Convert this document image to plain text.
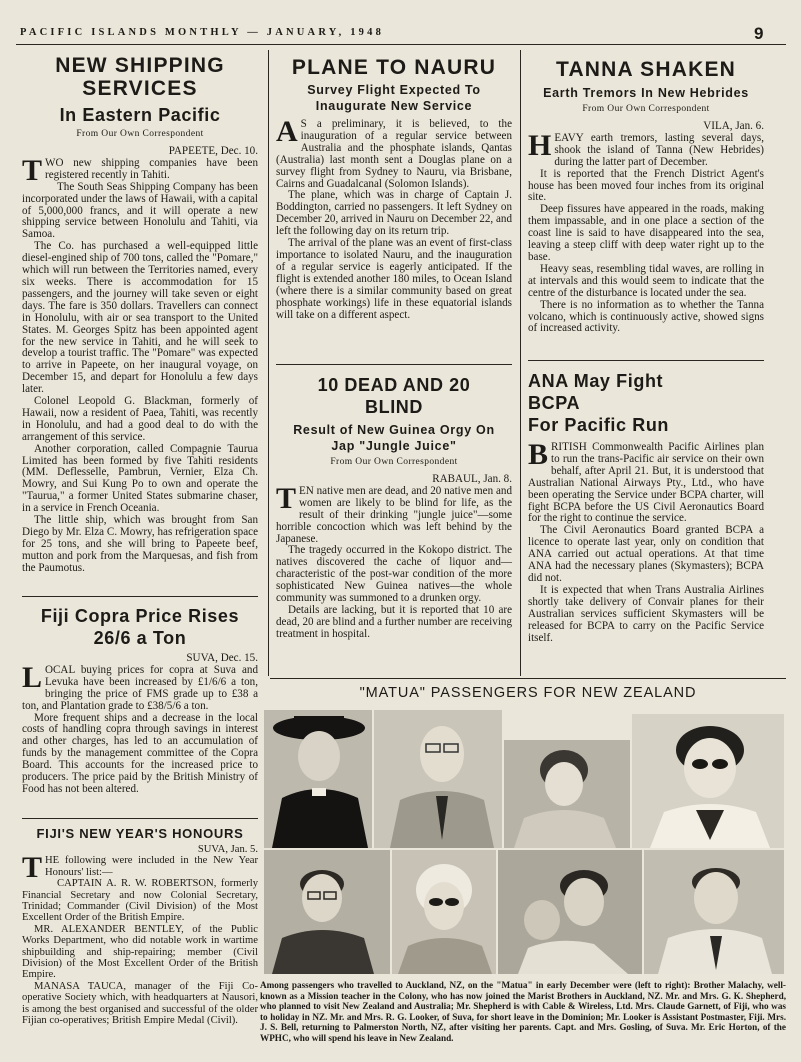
PACIFIC ISLANDS MONTHLY — JANUARY, 1948	9
NEW SHIPPING
SERVICES
In Eastern Pacific
From Our Own Correspondent

PAPEETE, Dec. 10.

TWO new shipping companies have been registered recently in Tahiti.

The South Seas Shipping Company has been incorporated under the laws of Hawaii, with a capital of 5,000,000 francs, and it will operate a new shipping service between Honolulu and Tahiti, via Samoa.

The Co. has purchased a well-equipped little diesel-engined ship of 700 tons, called the "Pomare," which will run between the Territories named, every six weeks. There is accommodation for 15 passengers, and the journey will take seven or eight days. The fare is 350 dollars. Travellers can connect in Honolulu, with air or sea transport to the United States. M. Georges Spitz has been appointed agent for the new service in Tahiti, and he will seek to develop a tourist traffic. The "Pomare" was expected to arrive in Papeete, on her inaugural voyage, on December 15, and depart for Honolulu a few days later.

Colonel Leopold G. Blackman, formerly of Hawaii, now a resident of Paea, Tahiti, was recently in Honolulu, and had a good deal to do with the arrangement of this service.

Another corporation, called Compagnie Taurua Limited has been formed by five Tahiti residents (MM. Deflesselle, Pambrun, Vernier, Elza Ch. Mowry, and Sui Kung Po to own and operate the "Taurua," a former United States submarine chaser, in a service in French Oceania.

The little ship, which was brought from San Diego by Mr. Elza C. Mowry, has refrigeration space for 25 tons, and she will bring to Papeete beef, mutton and pork from the Marquesas, and fish from the Paumotus.

Fiji Copra Price Rises
26/6 a Ton

SUVA, Dec. 15.

LOCAL buying prices for copra at Suva and Levuka have been increased by £1/6/6 a ton, bringing the price of FMS grade up to £38 a ton, and Plantation grade to £38/5/6 a ton.

More frequent ships and a decrease in the local costs of handling copra through savings in interest and other charges, has led to an accumulation of funds by the management committee of the Copra Board. This accounts for the increased price to producers. The price paid by the British Ministry of Food has not been altered.

FIJI'S NEW YEAR'S HONOURS

SUVA, Jan. 5.

THE following were included in the New Year Honours' list:—

CAPTAIN A. R. W. ROBERTSON, formerly Financial Secretary and now Colonial Secretary, Trinidad; Commander (Civil Division) of the Most Excellent Order of the British Empire.

MR. ALEXANDER BENTLEY, of the Public Works Department, who did notable work in wartime shipbuilding and ship-repairing; member (Civil Division) of the Most Excellent Order of the British Empire.

MANASA TAUCA, manager of the Fiji Co-operative Society which, with headquarters at Nausori, is among the best organised and successful of the older Fijian co-operatives; British Empire Medal (Civil).

PLANE TO NAURU
Survey Flight Expected To
Inaugurate New Service

A S a preliminary, it is believed, to the inauguration of a regular service between Australia and the phosphate islands, Qantas (Australia) last month sent a Douglas plane on a survey flight from Sydney to Nauru, via Brisbane, Cairns and Guadalcanal (Solomon Islands).

The plane, which was in charge of Captain J. Boddington, carried no passengers. It left Sydney on December 20, arrived in Nauru on December 22, and left the following day on its return trip.

The arrival of the plane was an event of first-class importance to isolated Nauru, and the inauguration of a regular service is eagerly anticipated. If the flight is extended another 180 miles, to Ocean Island (where there is a similar community based on great phosphate workings) life in these equatorial islands will take on a different aspect.

10 DEAD AND 20
BLIND
Result of New Guinea Orgy On
Jap "Jungle Juice"
From Our Own Correspondent

RABAUL, Jan. 8.

TEN native men are dead, and 20 native men and women are likely to be blind for life, as the result of their drinking "jungle juice"—some horrible concoction which was left behind by the Japanese.

The tragedy occurred in the Kokopo district. The natives discovered the cache of liquor and—characteristic of the post-war condition of the more sophisticated New Guinea natives—the whole community was summoned to a drunken orgy.

Details are lacking, but it is reported that 10 are dead, 20 are blind and a further number are receiving treatment in hospital.

TANNA SHAKEN
Earth Tremors In New Hebrides
From Our Own Correspondent

VILA, Jan. 6.

HEAVY earth tremors, lasting several days, shook the island of Tanna (New Hebrides) during the latter part of December.

It is reported that the French District Agent's house has been moved four inches from its original site.

Deep fissures have appeared in the roads, making them impassable, and in one place a section of the coast line is said to have disappeared into the sea, leaving a steep cliff with deep water right up to the base.

Heavy seas, resembling tidal waves, are rolling in at intervals and this would seem to indicate that the centre of the disturbance is located under the sea.

There is no information as to whether the Tanna volcano, which is continuously active, showed signs of increased activity.

ANA May Fight
BCPA
For Pacific Run

BRITISH Commonwealth Pacific Airlines plan to run the trans-Pacific air service on their own behalf, after April 21. But, it is understood that Australian National Airways Pty., Ltd., who have been operating the Service under BCPA charter, will fight BCPA before the US Civil Aeronautics Board for the right to continue the service.

The Civil Aeronautics Board granted BCPA a licence to operate last year, only on condition that ANA carried out actual operations. At that time ANA had the necessary planes (Skymasters); BCPA did not.

It is expected that when Trans Australia Airlines shortly take delivery of Convair planes for their Australian services sufficient Skymasters will be released for BCPA to carry on the Pacific Service itself.

"MATUA" PASSENGERS FOR NEW ZEALAND
Among passengers who travelled to Auckland, NZ, on the "Matua" in early December were (left to right): Brother Malachy, well-known as a Mission teacher in the Colony, who has now joined the Marist Brothers in Auckland, NZ. Mr. and Mrs. G. K. Shepherd, who planned to visit New Zealand and Australia; Mr. Shepherd is with Cable & Wireless, Ltd. Mrs. Claude Garnett, of Fiji, who was to holiday in NZ. Mr. and Mrs. R. G. Looker, of Suva, for short leave in the Dominion; Mr. Looker is Assistant Postmaster, Fiji. Mrs. J. S. Bell, returning to Palmerston North, NZ, after visiting her parents. Capt. and Mrs. Gosling, of Suva. Mr. Eric Horton, of the WPHC, who will spend his leave in New Zealand.
